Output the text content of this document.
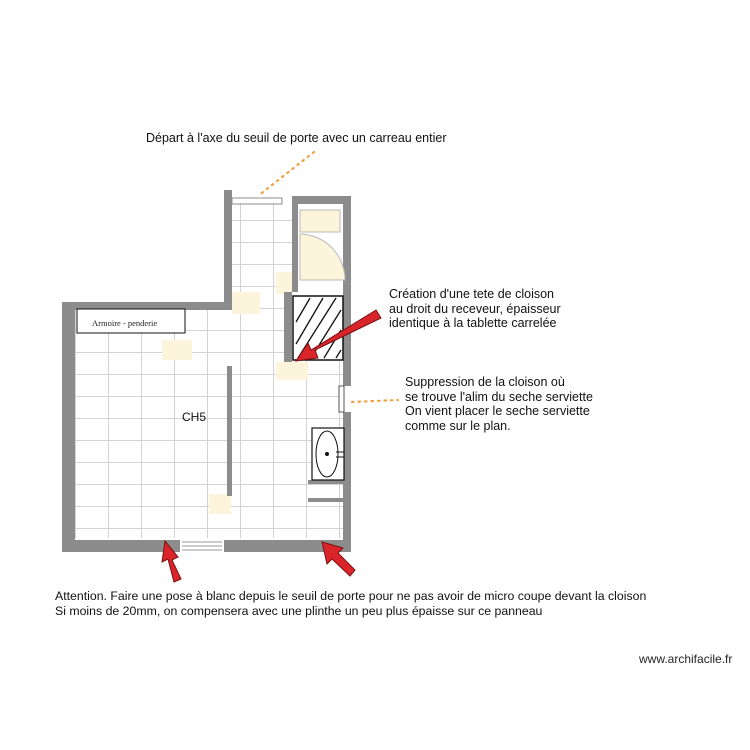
Départ à l'axe du seuil de porte avec un carreau entier
Création d'une tete de cloison
au droit du receveur, épaisseur
identique à la tablette carrelée
Suppression de la cloison où
se trouve l'alim du seche serviette
On vient placer le seche serviette
comme sur le plan.
Attention. Faire une pose à blanc depuis le seuil de porte pour ne pas avoir de micro coupe devant la cloison
Si moins de 20mm, on compensera avec une plinthe un peu plus épaisse sur ce panneau
CH5
Armoire - penderie
www.archifacile.fr
